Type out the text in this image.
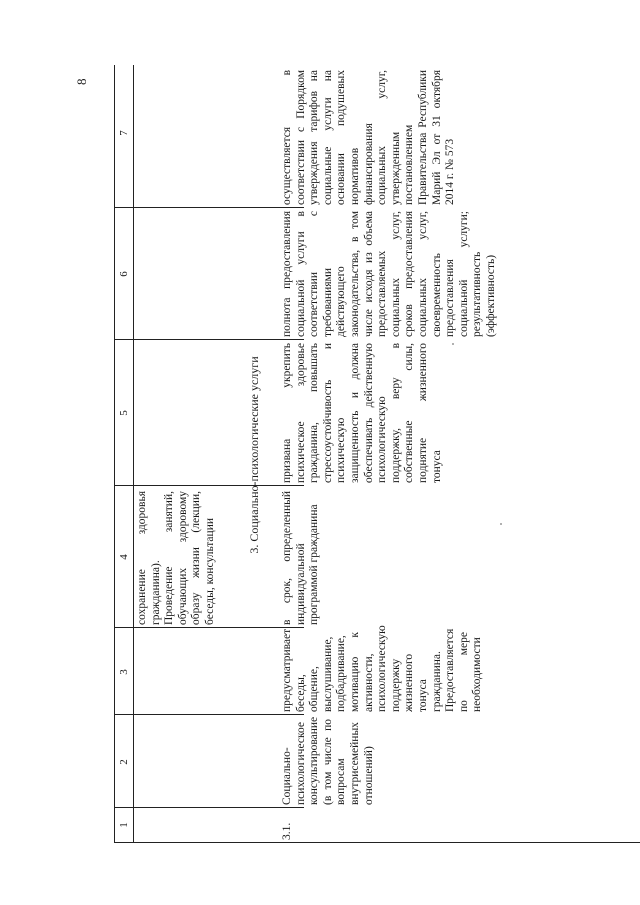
8
1
2
3
4
5
6
7
сохранение здоровья гражданина).
Проведение занятий, обучающих здоровому образу жизни (лекции, беседы, консультации	3. Социально-психологические услуги
3.1.
Социально-психологическое консультирование (в том числе по вопросам внутрисемейных отношений)
предусматривает беседы, общение, выслушивание, подбадривание, мотивацию к активности, психологическую поддержку жизненного тонуса гражданина.
Предоставляется по мере необходимости
в срок, определенный индивидуальной программой гражданина
призвана укрепить психическое здоровье гражданина, повышать стрессоустойчивость и психическую защищенность и должна обеспечивать действенную психологическую поддержку, веру в собственные силы, поднятие жизненного тонуса
полнота предоставления социальной услуги в соответствии с требованиями действующего законодательства, в том числе исходя из объема предоставляемых социальных услуг, сроков предоставления социальных услуг, своевременность предоставления социальной услуги; результативность (эффективность)
осуществляется в соответствии с Порядком утверждения тарифов на социальные услуги на основании подушевых нормативов финансирования социальных услуг, утвержденным постановлением Правительства Республики Марий Эл от 31 октября 2014 г. № 573
